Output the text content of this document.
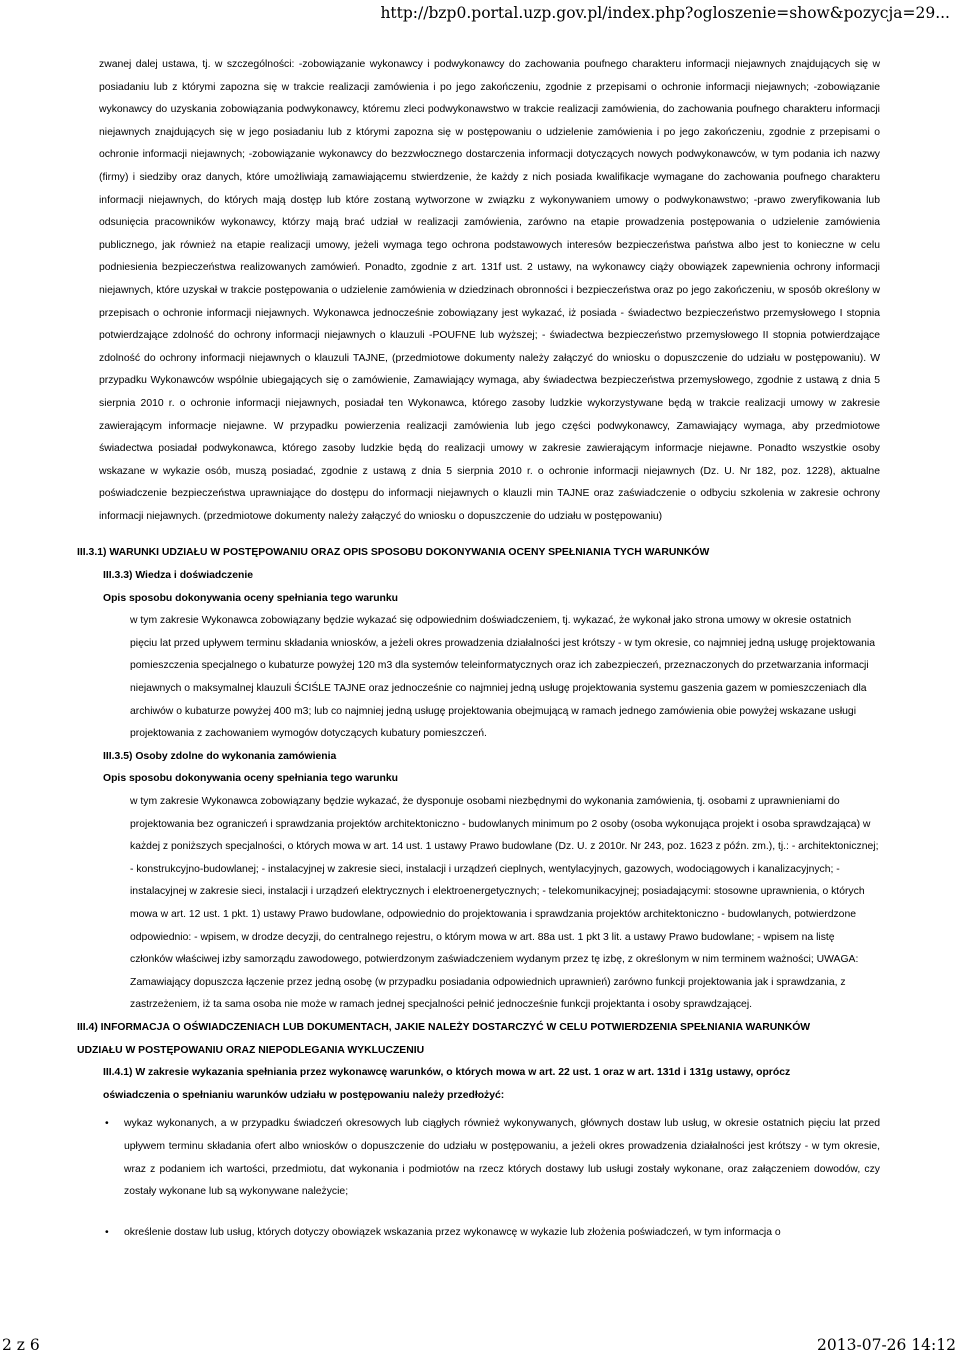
http://bzp0.portal.uzp.gov.pl/index.php?ogloszenie=show&pozycja=29...

zwanej dalej ustawa, tj. w szczególności: -zobowiązanie wykonawcy i podwykonawcy do zachowania poufnego charakteru informacji niejawnych znajdujących się w posiadaniu lub z którymi zapozna się w trakcie realizacji zamówienia i po jego zakończeniu, zgodnie z przepisami o ochronie informacji niejawnych; -zobowiązanie wykonawcy do uzyskania zobowiązania podwykonawcy, któremu zleci podwykonawstwo w trakcie realizacji zamówienia, do zachowania poufnego charakteru informacji niejawnych znajdujących się w jego posiadaniu lub z którymi zapozna się w postępowaniu o udzielenie zamówienia i po jego zakończeniu, zgodnie z przepisami o ochronie informacji niejawnych; -zobowiązanie wykonawcy do bezzwłocznego dostarczenia informacji dotyczących nowych podwykonawców, w tym podania ich nazwy (firmy) i siedziby oraz danych, które umożliwiają zamawiającemu stwierdzenie, że każdy z nich posiada kwalifikacje wymagane do zachowania poufnego charakteru informacji niejawnych, do których mają dostęp lub które zostaną wytworzone w związku z wykonywaniem umowy o podwykonawstwo; -prawo zweryfikowania lub odsunięcia pracowników wykonawcy, którzy mają brać udział w realizacji zamówienia, zarówno na etapie prowadzenia postępowania o udzielenie zamówienia publicznego, jak również na etapie realizacji umowy, jeżeli wymaga tego ochrona podstawowych interesów bezpieczeństwa państwa albo jest to konieczne w celu podniesienia bezpieczeństwa realizowanych zamówień. Ponadto, zgodnie z art. 131f ust. 2 ustawy, na wykonawcy ciąży obowiązek zapewnienia ochrony informacji niejawnych, które uzyskał w trakcie postępowania o udzielenie zamówienia w dziedzinach obronności i bezpieczeństwa oraz po jego zakończeniu, w sposób określony w przepisach o ochronie informacji niejawnych. Wykonawca jednocześnie zobowiązany jest wykazać, iż posiada - świadectwo bezpieczeństwo przemysłowego I stopnia potwierdzające zdolność do ochrony informacji niejawnych o klauzuli -POUFNE lub wyższej; - świadectwa bezpieczeństwo przemysłowego II stopnia potwierdzające zdolność do ochrony informacji niejawnych o klauzuli TAJNE, (przedmiotowe dokumenty należy załączyć do wniosku o dopuszczenie do udziału w postępowaniu). W przypadku Wykonawców wspólnie ubiegających się o zamówienie, Zamawiający wymaga, aby świadectwa bezpieczeństwa przemysłowego, zgodnie z ustawą z dnia 5 sierpnia 2010 r. o ochronie informacji niejawnych, posiadał ten Wykonawca, którego zasoby ludzkie wykorzystywane będą w trakcie realizacji umowy w zakresie zawierającym informacje niejawne. W przypadku powierzenia realizacji zamówienia lub jego części podwykonawcy, Zamawiający wymaga, aby przedmiotowe świadectwa posiadał podwykonawca, którego zasoby ludzkie będą do realizacji umowy w zakresie zawierającym informacje niejawne. Ponadto wszystkie osoby wskazane w wykazie osób, muszą posiadać, zgodnie z ustawą z dnia 5 sierpnia 2010 r. o ochronie informacji niejawnych (Dz. U. Nr 182, poz. 1228), aktualne poświadczenie bezpieczeństwa uprawniające do dostępu do informacji niejawnych o klauzli min TAJNE oraz zaświadczenie o odbyciu szkolenia w zakresie ochrony informacji niejawnych. (przedmiotowe dokumenty należy załączyć do wniosku o dopuszczenie do udziału w postępowaniu)

III.3.1) WARUNKI UDZIAŁU W POSTĘPOWANIU ORAZ OPIS SPOSOBU DOKONYWANIA OCENY SPEŁNIANIA TYCH WARUNKÓW

III.3.3) Wiedza i doświadczenie

Opis sposobu dokonywania oceny spełniania tego warunku

w tym zakresie Wykonawca zobowiązany będzie wykazać się odpowiednim doświadczeniem, tj. wykazać, że wykonał jako strona umowy w okresie ostatnich pięciu lat przed upływem terminu składania wniosków, a jeżeli okres prowadzenia działalności jest krótszy - w tym okresie, co najmniej jedną usługę projektowania pomieszczenia specjalnego o kubaturze powyżej 120 m3 dla systemów teleinformatycznych oraz ich zabezpieczeń, przeznaczonych do przetwarzania informacji niejawnych o maksymalnej klauzuli ŚCIŚLE TAJNE oraz jednocześnie co najmniej jedną usługę projektowania systemu gaszenia gazem w pomieszczeniach dla archiwów o kubaturze powyżej 400 m3; lub co najmniej jedną usługę projektowania obejmującą w ramach jednego zamówienia obie powyżej wskazane usługi projektowania z zachowaniem wymogów dotyczących kubatury pomieszczeń.

III.3.5) Osoby zdolne do wykonania zamówienia

Opis sposobu dokonywania oceny spełniania tego warunku

w tym zakresie Wykonawca zobowiązany będzie wykazać, że dysponuje osobami niezbędnymi do wykonania zamówienia, tj. osobami z uprawnieniami do projektowania bez ograniczeń i sprawdzania projektów architektoniczno - budowlanych minimum po 2 osoby (osoba wykonująca projekt i osoba sprawdzająca) w każdej z poniższych specjalności, o których mowa w art. 14 ust. 1 ustawy Prawo budowlane (Dz. U. z 2010r. Nr 243, poz. 1623 z późn. zm.), tj.: - architektonicznej; - konstrukcyjno-budowlanej; - instalacyjnej w zakresie sieci, instalacji i urządzeń cieplnych, wentylacyjnych, gazowych, wodociągowych i kanalizacyjnych; - instalacyjnej w zakresie sieci, instalacji i urządzeń elektrycznych i elektroenergetycznych; - telekomunikacyjnej; posiadającymi: stosowne uprawnienia, o których mowa w art. 12 ust. 1 pkt. 1) ustawy Prawo budowlane, odpowiednio do projektowania i sprawdzania projektów architektoniczno - budowlanych, potwierdzone odpowiednio: - wpisem, w drodze decyzji, do centralnego rejestru, o którym mowa w art. 88a ust. 1 pkt 3 lit. a ustawy Prawo budowlane; - wpisem na listę członków właściwej izby samorządu zawodowego, potwierdzonym zaświadczeniem wydanym przez tę izbę, z określonym w nim terminem ważności; UWAGA: Zamawiający dopuszcza łączenie przez jedną osobę (w przypadku posiadania odpowiednich uprawnień) zarówno funkcji projektowania jak i sprawdzania, z zastrzeżeniem, iż ta sama osoba nie może w ramach jednej specjalności pełnić jednocześnie funkcji projektanta i osoby sprawdzającej.

III.4) INFORMACJA O OŚWIADCZENIACH LUB DOKUMENTACH, JAKIE NALEŻY DOSTARCZYĆ W CELU POTWIERDZENIA SPEŁNIANIA WARUNKÓW
UDZIAŁU W POSTĘPOWANIU ORAZ NIEPODLEGANIA WYKLUCZENIU

III.4.1) W zakresie wykazania spełniania przez wykonawcę warunków, o których mowa w art. 22 ust. 1 oraz w art. 131d i 131g ustawy, oprócz
oświadczenia o spełnianiu warunków udziału w postępowaniu należy przedłożyć:

• wykaz wykonanych, a w przypadku świadczeń okresowych lub ciągłych również wykonywanych, głównych dostaw lub usług, w okresie ostatnich pięciu lat przed upływem terminu składania ofert albo wniosków o dopuszczenie do udziału w postępowaniu, a jeżeli okres prowadzenia działalności jest krótszy - w tym okresie, wraz z podaniem ich wartości, przedmiotu, dat wykonania i podmiotów na rzecz których dostawy lub usługi zostały wykonane, oraz załączeniem dowodów, czy zostały wykonane lub są wykonywane należycie;
• określenie dostaw lub usług, których dotyczy obowiązek wskazania przez wykonawcę w wykazie lub złożenia poświadczeń, w tym informacja o
2 z 6	2013-07-26 14:12
